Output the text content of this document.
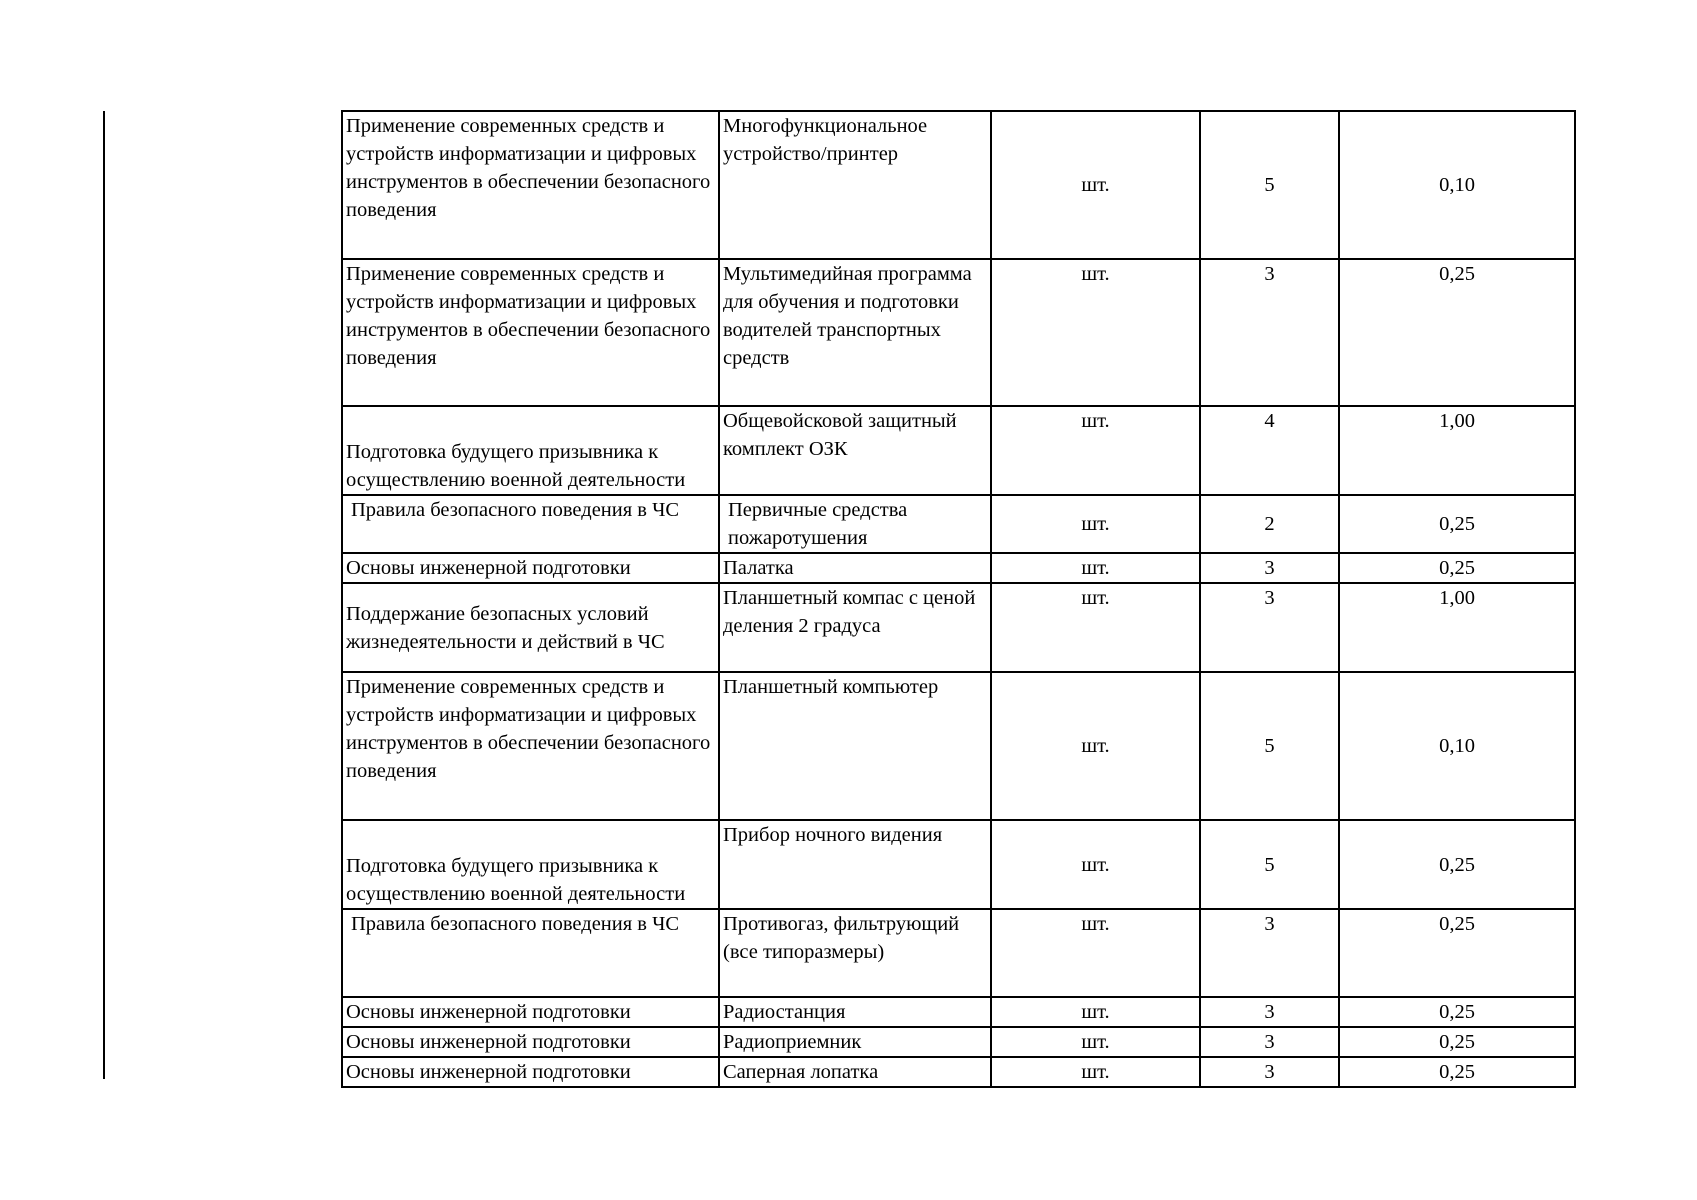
Применение современных средств и устройств информатизации и цифровых инструментов в обеспечении безопасного поведения	Многофункциональное устройство/принтер	шт.	5	0,10
Применение современных средств и устройств информатизации и цифровых инструментов в обеспечении безопасного поведения	Мультимедийная программа для обучения и подготовки водителей транспортных средств	шт.	3	0,25
Подготовка будущего призывника к осуществлению военной деятельности	Общевойсковой защитный комплект ОЗК	шт.	4	1,00
Правила безопасного поведения в ЧС	Первичные средства пожаротушения	шт.	2	0,25
Основы инженерной подготовки	Палатка	шт.	3	0,25
Поддержание безопасных условий жизнедеятельности и действий в ЧС	Планшетный компас с ценой деления 2 градуса	шт.	3	1,00
Применение современных средств и устройств информатизации и цифровых инструментов в обеспечении безопасного поведения	Планшетный компьютер	шт.	5	0,10
Подготовка будущего призывника к осуществлению военной деятельности	Прибор ночного видения	шт.	5	0,25
Правила безопасного поведения в ЧС	Противогаз, фильтрующий (все типоразмеры)	шт.	3	0,25
Основы инженерной подготовки	Радиостанция	шт.	3	0,25
Основы инженерной подготовки	Радиоприемник	шт.	3	0,25
Основы инженерной подготовки	Саперная лопатка	шт.	3	0,25
